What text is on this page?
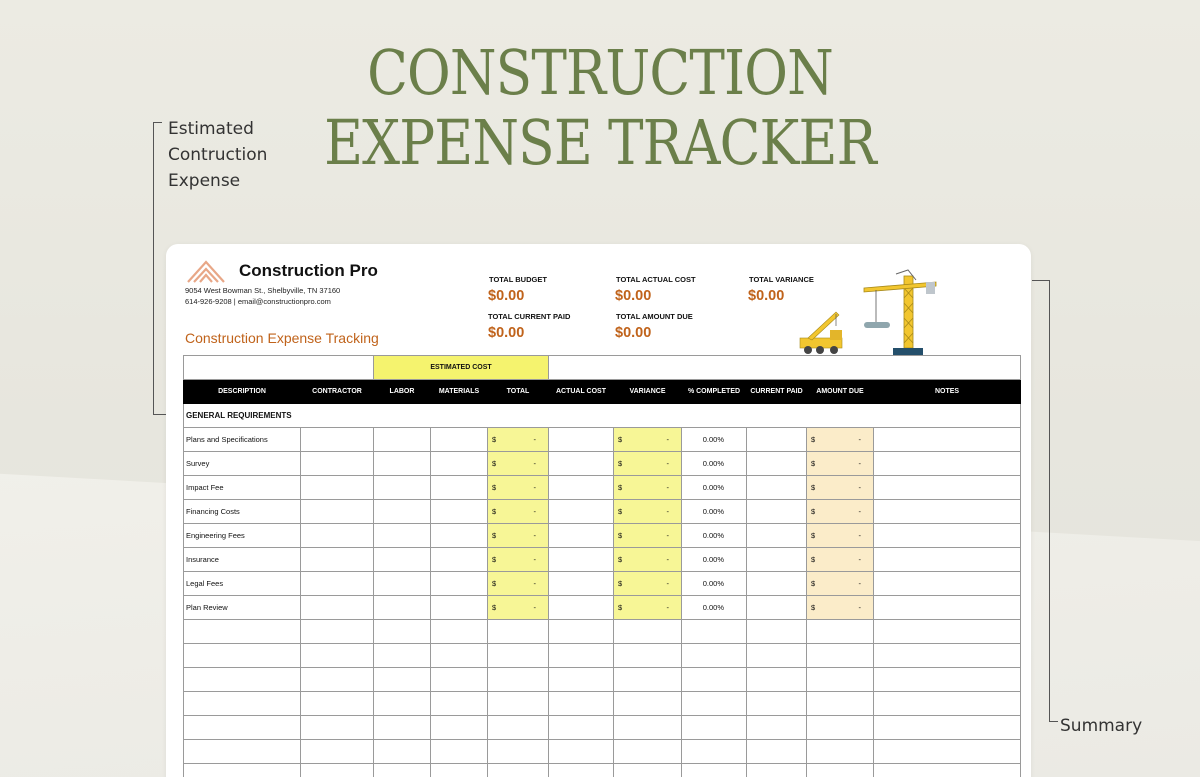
CONSTRUCTION
EXPENSE TRACKER
Estimated
Contruction
Expense
Summary
Construction Pro
9054 West Bowman St., Shelbyville, TN 37160
614-926-9208 | email@constructionpro.com
Construction Expense Tracking
TOTAL BUDGET
$0.00
TOTAL ACTUAL COST
$0.00
TOTAL VARIANCE
$0.00
TOTAL CURRENT PAID
$0.00
TOTAL AMOUNT DUE
$0.00
		ESTIMATED COST								
DESCRIPTION	CONTRACTOR	LABOR	MATERIALS	TOTAL	ACTUAL COST	VARIANCE	% COMPLETED	CURRENT PAID	AMOUNT DUE	NOTES
GENERAL REQUIREMENTS										
Plans and Specifications				$ -		$ -	0.00%		$ -	

Survey				$ -		$ -	0.00%		$ -	

Impact Fee				$ -		$ -	0.00%		$ -	

Financing Costs				$ -		$ -	0.00%		$ -	

Engineering Fees				$ -		$ -	0.00%		$ -	

Insurance				$ -		$ -	0.00%		$ -	

Legal Fees				$ -		$ -	0.00%		$ -	

Plan Review				$ -		$ -	0.00%		$ -	
